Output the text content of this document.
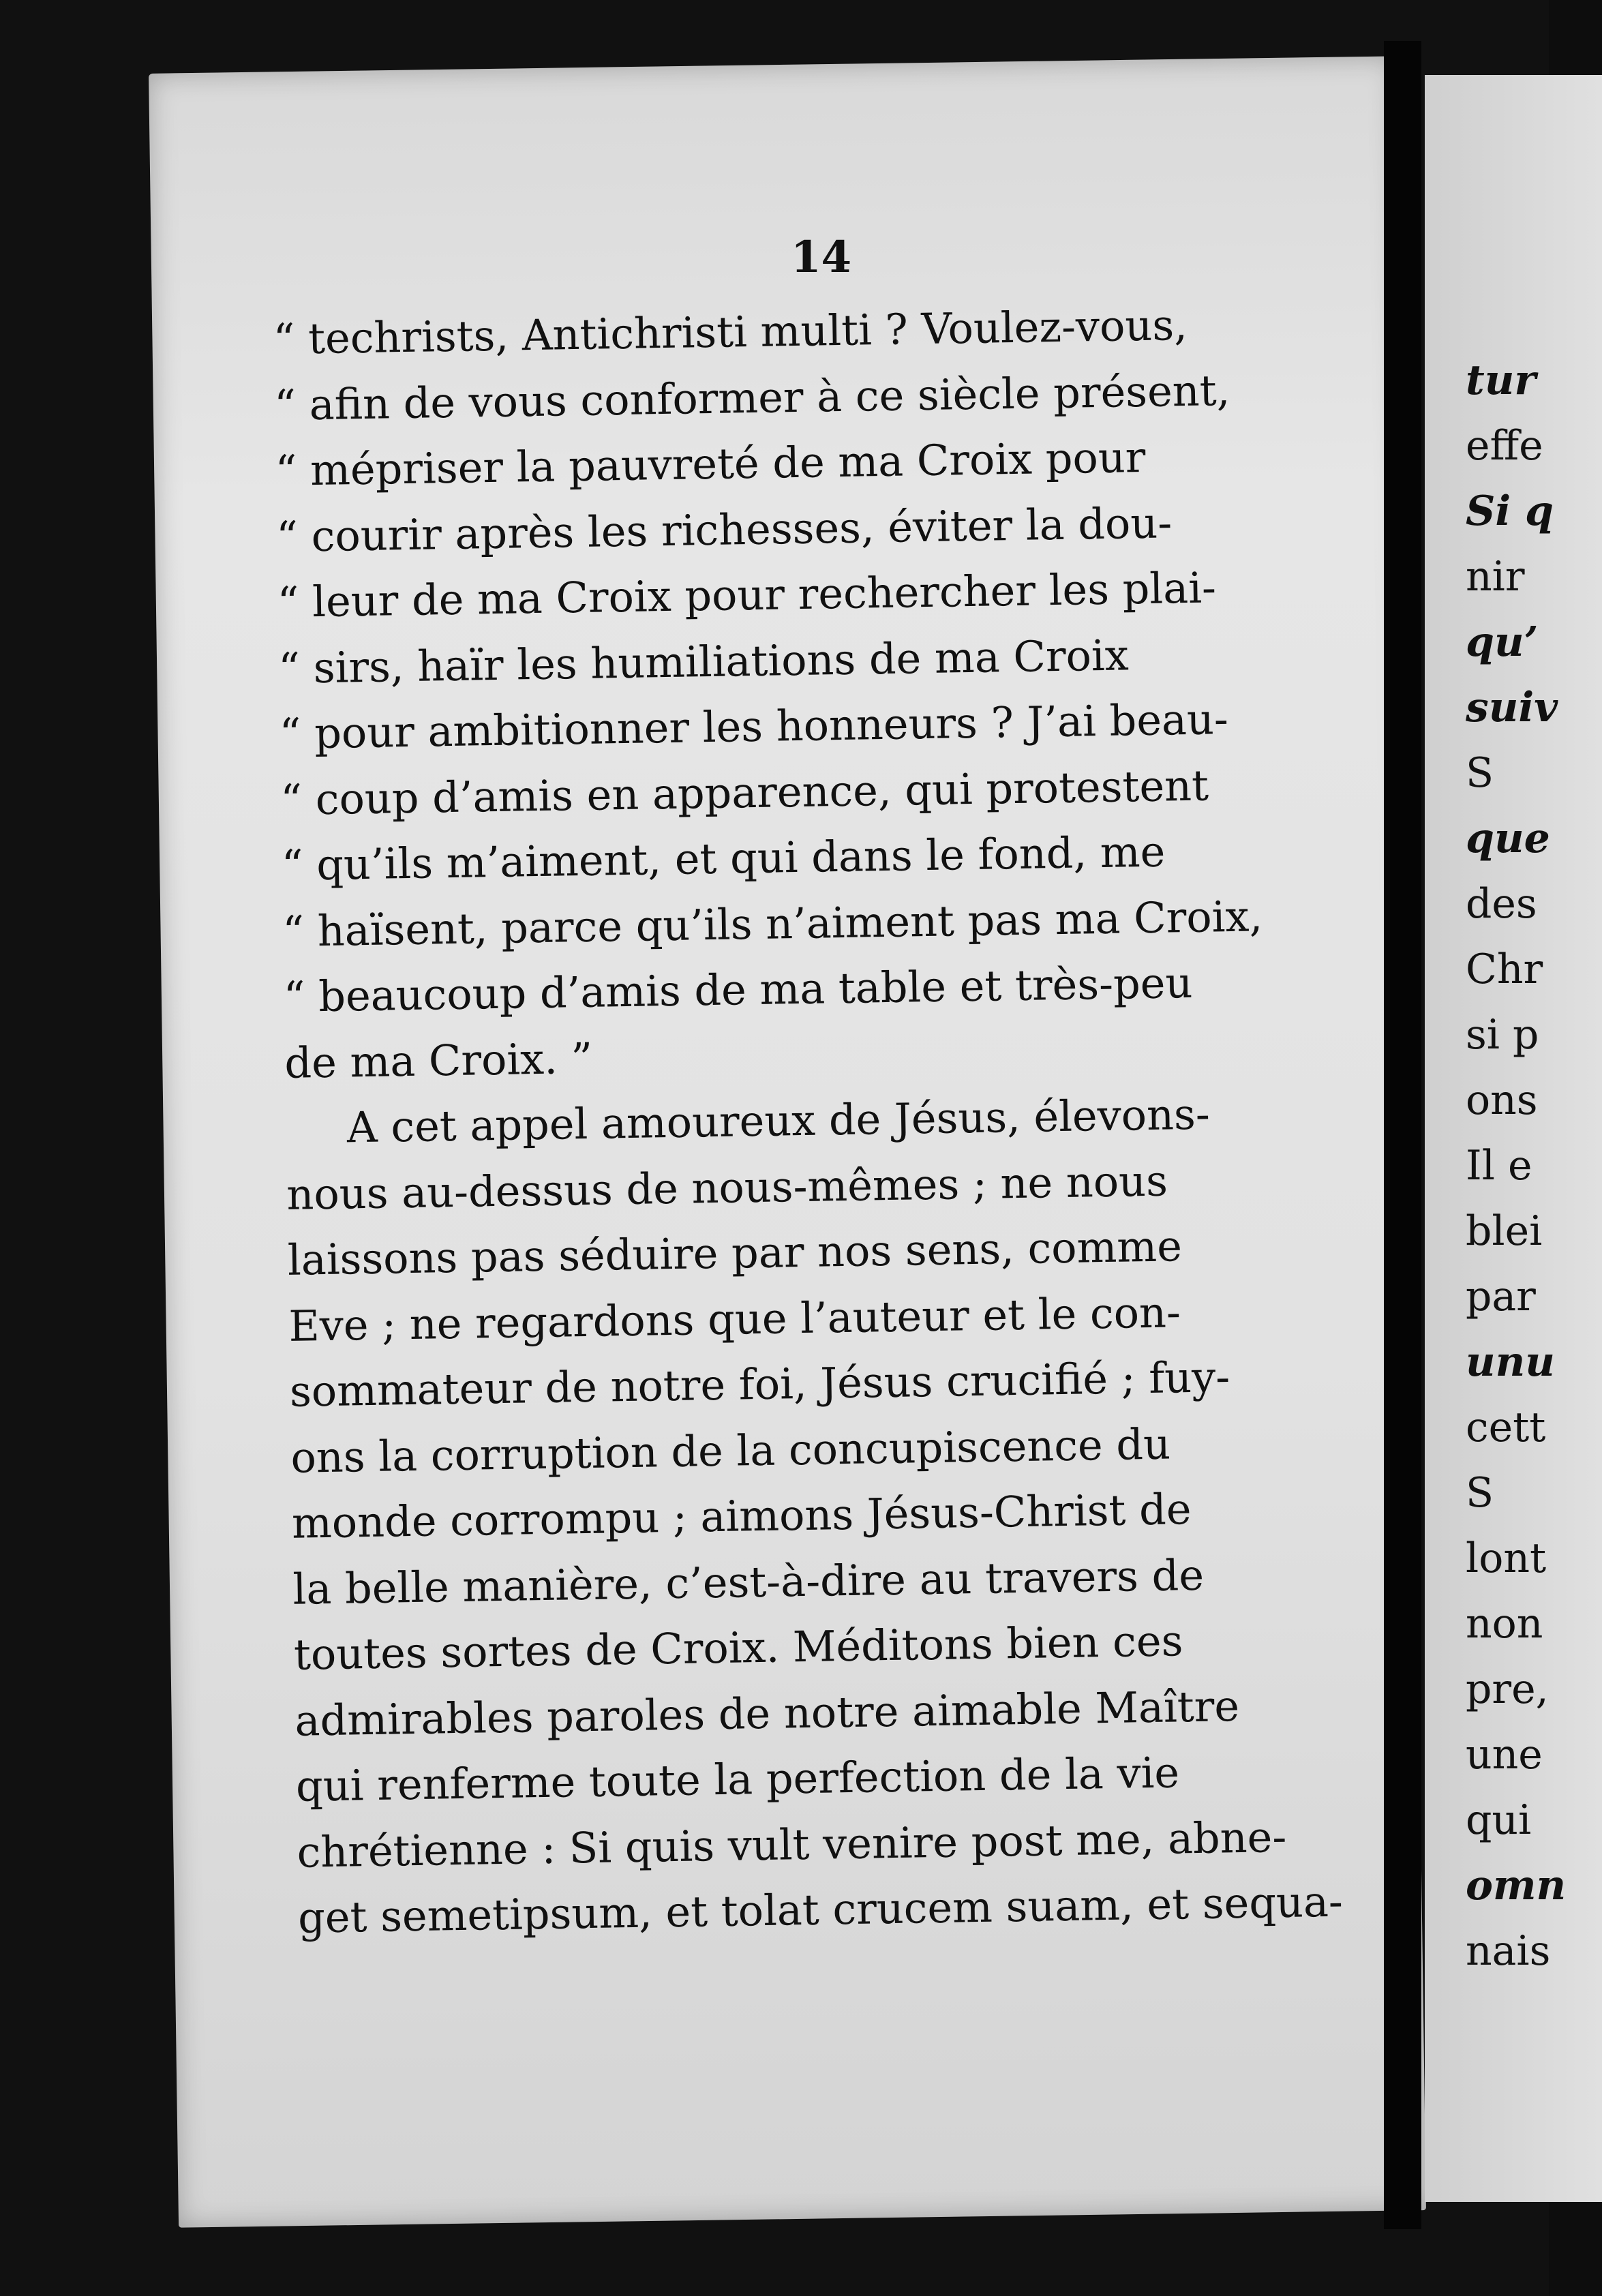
14
“ techrists, Antichristi multi ? Voulez-vous,
“ afin de vous conformer à ce siècle présent,
“ mépriser la pauvreté de ma Croix pour
“ courir après les richesses, éviter la dou-
“ leur de ma Croix pour rechercher les plai-
“ sirs, haïr les humiliations de ma Croix
“ pour ambitionner les honneurs ? J’ai beau-
“ coup d’amis en apparence, qui protestent
“ qu’ils m’aiment, et qui dans le fond, me
“ haïsent, parce qu’ils n’aiment pas ma Croix,
“ beaucoup d’amis de ma table et très-peu
de ma Croix. ”
A cet appel amoureux de Jésus, élevons-
nous au-dessus de nous-mêmes ; ne nous
laissons pas séduire par nos sens, comme
Eve ; ne regardons que l’auteur et le con-
sommateur de notre foi, Jésus crucifié ; fuy-
ons la corruption de la concupiscence du
monde corrompu ; aimons Jésus-Christ de
la belle manière, c’est-à-dire au travers de
toutes sortes de Croix. Méditons bien ces
admirables paroles de notre aimable Maître
qui renferme toute la perfection de la vie
chrétienne : Si quis vult venire post me, abne-
get semetipsum, et tolat crucem suam, et sequa-
tur
effe
Si q
nir
qu’
suiv
S
que
des
Chr
si p
ons
Il e
blei
par
unu
cett
S
lont
non
pre,
une
qui
omn
nais
